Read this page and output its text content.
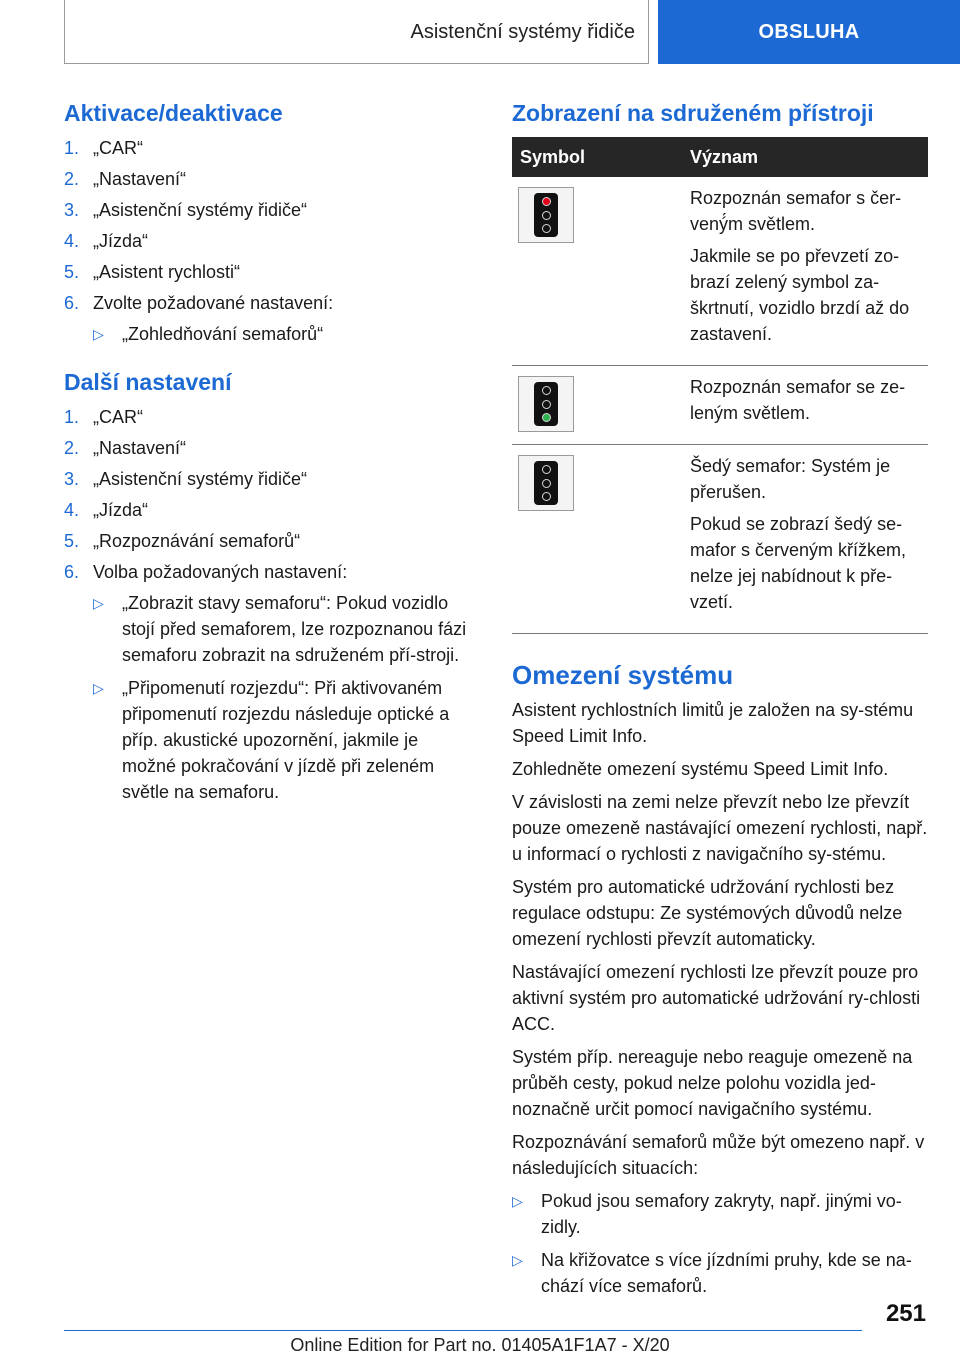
Asistenční systémy řidiče	OBSLUHA
Aktivace/deaktivace
1. „CAR“
2. „Nastavení“
3. „Asistenční systémy řidiče“
4. „Jízda“
5. „Asistent rychlosti“
6. Zvolte požadované nastavení:
▷	„Zohledňování semaforů“
Další nastavení
1. „CAR“
2. „Nastavení“
3. „Asistenční systémy řidiče“
4. „Jízda“
5. „Rozpoznávání semaforů“
6. Volba požadovaných nastavení:
▷	„Zobrazit stavy semaforu“: Pokud vozidlo stojí před semaforem, lze rozpoznanou fázi semaforu zobrazit na sdruženém pří-stroji.
▷	„Připomenutí rozjezdu“: Při aktivovaném připomenutí rozjezdu následuje optické a příp. akustické upozornění, jakmile je možné pokračování v jízdě při zeleném světle na semaforu.
Zobrazení na sdruženém přístroji
Symbol	Význam

	Rozpoznán semafor s čer-vený́m světlem.

Jakmile se po převzetí zo-brazí zelený symbol za-škrtnutí, vozidlo brzdí až do zastavení.

	Rozpoznán semafor se ze-leným světlem.

	Šedý semafor: Systém je přerušen.

Pokud se zobrazí šedý se-mafor s červeným křížkem, nelze jej nabídnout k pře-vzetí.

Omezení systému

Asistent rychlostních limitů je založen na sy-stému Speed Limit Info.

Zohledněte omezení systému Speed Limit Info.

V závislosti na zemi nelze převzít nebo lze převzít pouze omezeně nastávající omezení rychlosti, např. u informací o rychlosti z navigačního sy-stému.

Systém pro automatické udržování rychlosti bez regulace odstupu: Ze systémových důvodů nelze omezení rychlosti převzít automaticky.

Nastávající omezení rychlosti lze převzít pouze pro aktivní systém pro automatické udržování ry-chlosti ACC.

Systém příp. nereaguje nebo reaguje omezeně na průběh cesty, pokud nelze polohu vozidla jed-noznačně určit pomocí navigačního systému.

Rozpoznávání semaforů může být omezeno např. v následujících situacích:

▷	Pokud jsou semafory zakryty, např. jinými vo-zidly.
▷	Na křižovatce s více jízdními pruhy, kde se na-chází více semaforů.
251
Online Edition for Part no. 01405A1F1A7 - X/20
